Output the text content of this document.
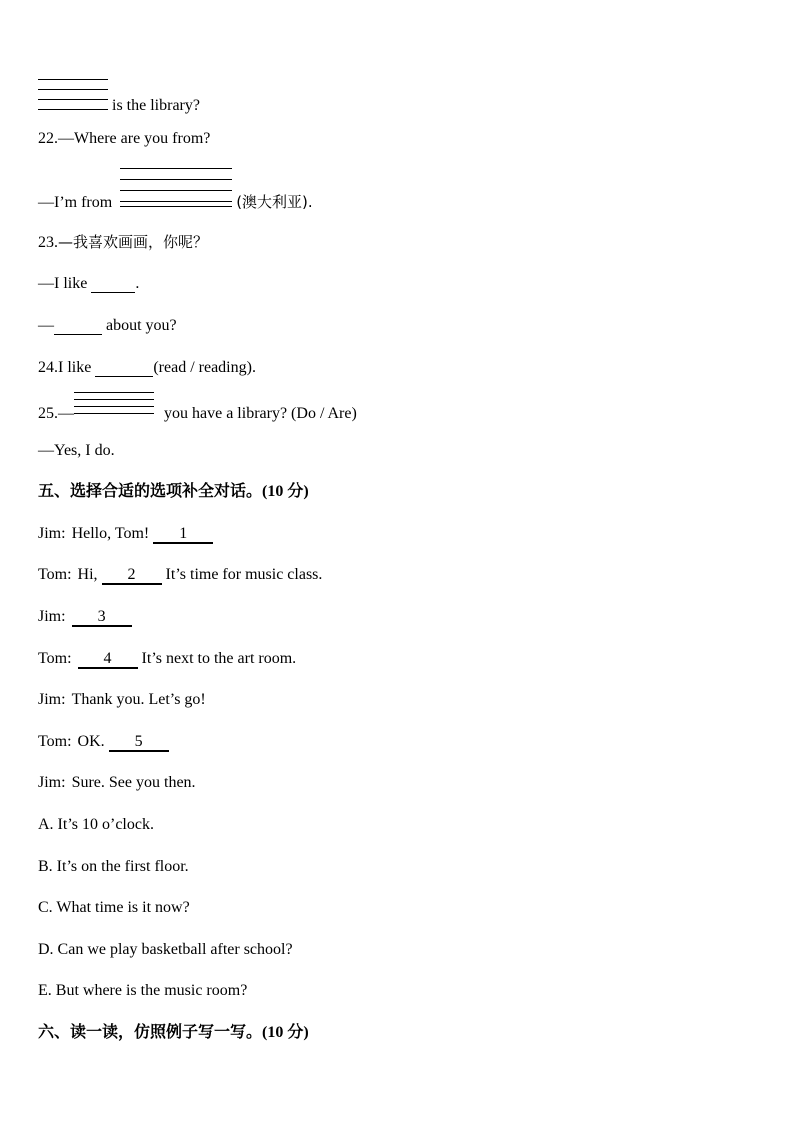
is the library?
22.—Where are you from?
—I’m from	(澳大利亚).
23.—我喜欢画画，你呢？
—I like	.
—	about you?
24.I like	(read / reading).
25.—	you have a library? (Do / Are)
—Yes, I do.
五、选择合适的选项补全对话。(10 分)
Jim: Hello, Tom! 1
Tom: Hi, 2 It’s time for music class.
Jim: 3
Tom: 4 It’s next to the art room.
Jim: Thank you. Let’s go!
Tom: OK. 5
Jim: Sure. See you then.
A. It’s 10 o’clock.
B. It’s on the first floor.
C. What time is it now?
D. Can we play basketball after school?
E. But where is the music room?
六、读一读，仿照例子写一写。(10 分)
